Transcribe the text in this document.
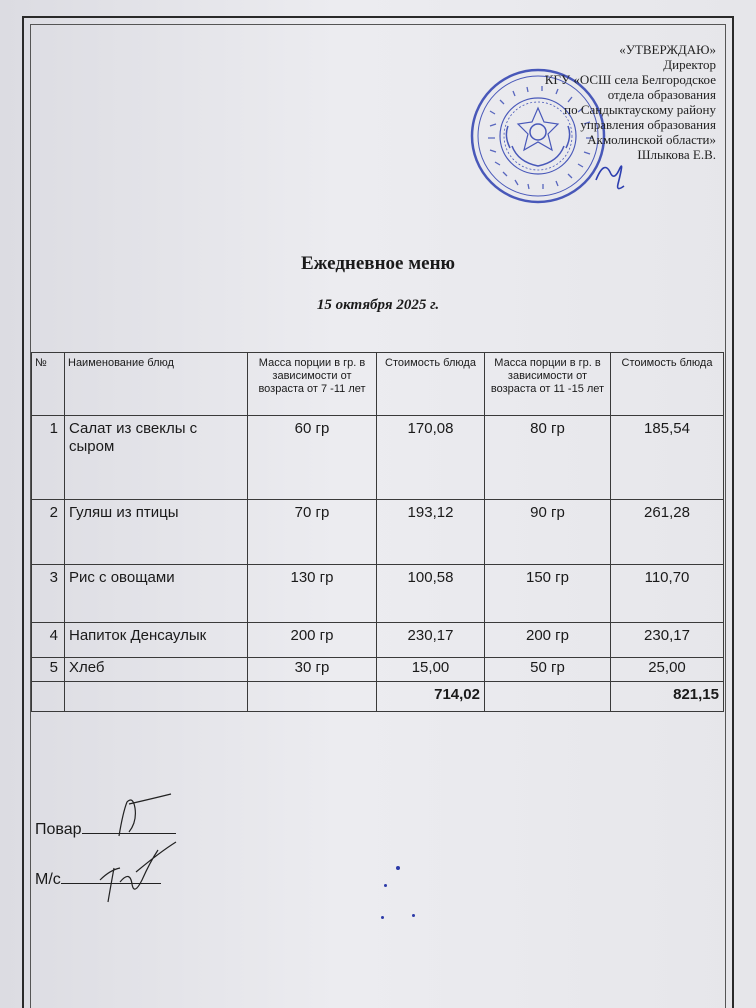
«УТВЕРЖДАЮ»
Директор
КГУ «ОСШ села Белгородское
отдела образования
по Сандыктаускому району
управления образования
Акмолинской области»
Шлыкова Е.В.
Ежедневное меню
15 октября 2025 г.
№	Наименование блюд	Масса порции в гр. в зависимости от возраста от 7 -11 лет	Стоимость блюда	Масса порции в гр. в зависимости от возраста от 11 -15 лет	Стоимость блюда
1	Салат из свеклы с сыром	60 гр	170,08	80 гр	185,54
2	Гуляш из птицы	70 гр	193,12	90 гр	261,28
3	Рис с овощами	130 гр	100,58	150 гр	110,70
4	Напиток Денсаулык	200 гр	230,17	200 гр	230,17
5	Хлеб	30 гр	15,00	50 гр	25,00
			714,02		821,15
Повар
М/с
